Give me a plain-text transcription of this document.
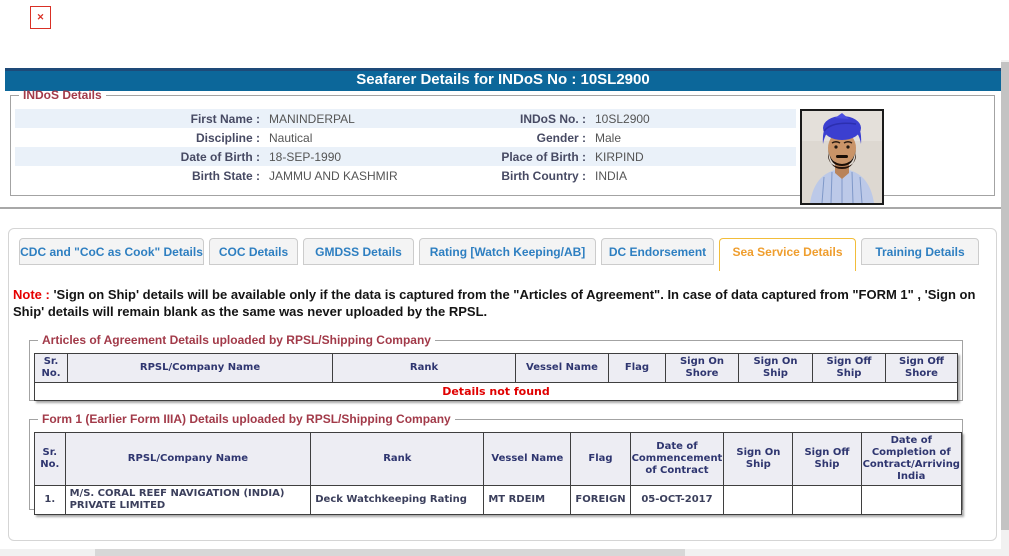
✕
Seafarer Details for INDoS No : 10SL2900
INDoS Details
First Name : MANINDERPAL	INDoS No. : 10SL2900
Discipline : Nautical	Gender : Male
Date of Birth : 18-SEP-1990	Place of Birth : KIRPIND
Birth State : JAMMU AND KASHMIR	Birth Country : INDIA
CDC and "CoC as Cook" Details	COC Details	GMDSS Details	Rating [Watch Keeping/AB]	DC Endorsement	Sea Service Details	Training Details
Note : 'Sign on Ship' details will be available only if the data is captured from the "Articles of Agreement". In case of data captured from "FORM 1" , 'Sign on Ship' details will remain blank as the same was never uploaded by the RPSL.
Articles of Agreement Details uploaded by RPSL/Shipping Company
Sr. No.	RPSL/Company Name	Rank	Vessel Name	Flag	Sign On Shore	Sign On Ship	Sign Off Ship	Sign Off Shore
Details not found
Form 1 (Earlier Form IIIA) Details uploaded by RPSL/Shipping Company
Sr. No.	RPSL/Company Name	Rank	Vessel Name	Flag	Date of Commencement of Contract	Sign On Ship	Sign Off Ship	Date of Completion of Contract/Arriving India
1.	M/S. CORAL REEF NAVIGATION (INDIA) PRIVATE LIMITED	Deck Watchkeeping Rating	MT RDEIM	FOREIGN	05-OCT-2017			
